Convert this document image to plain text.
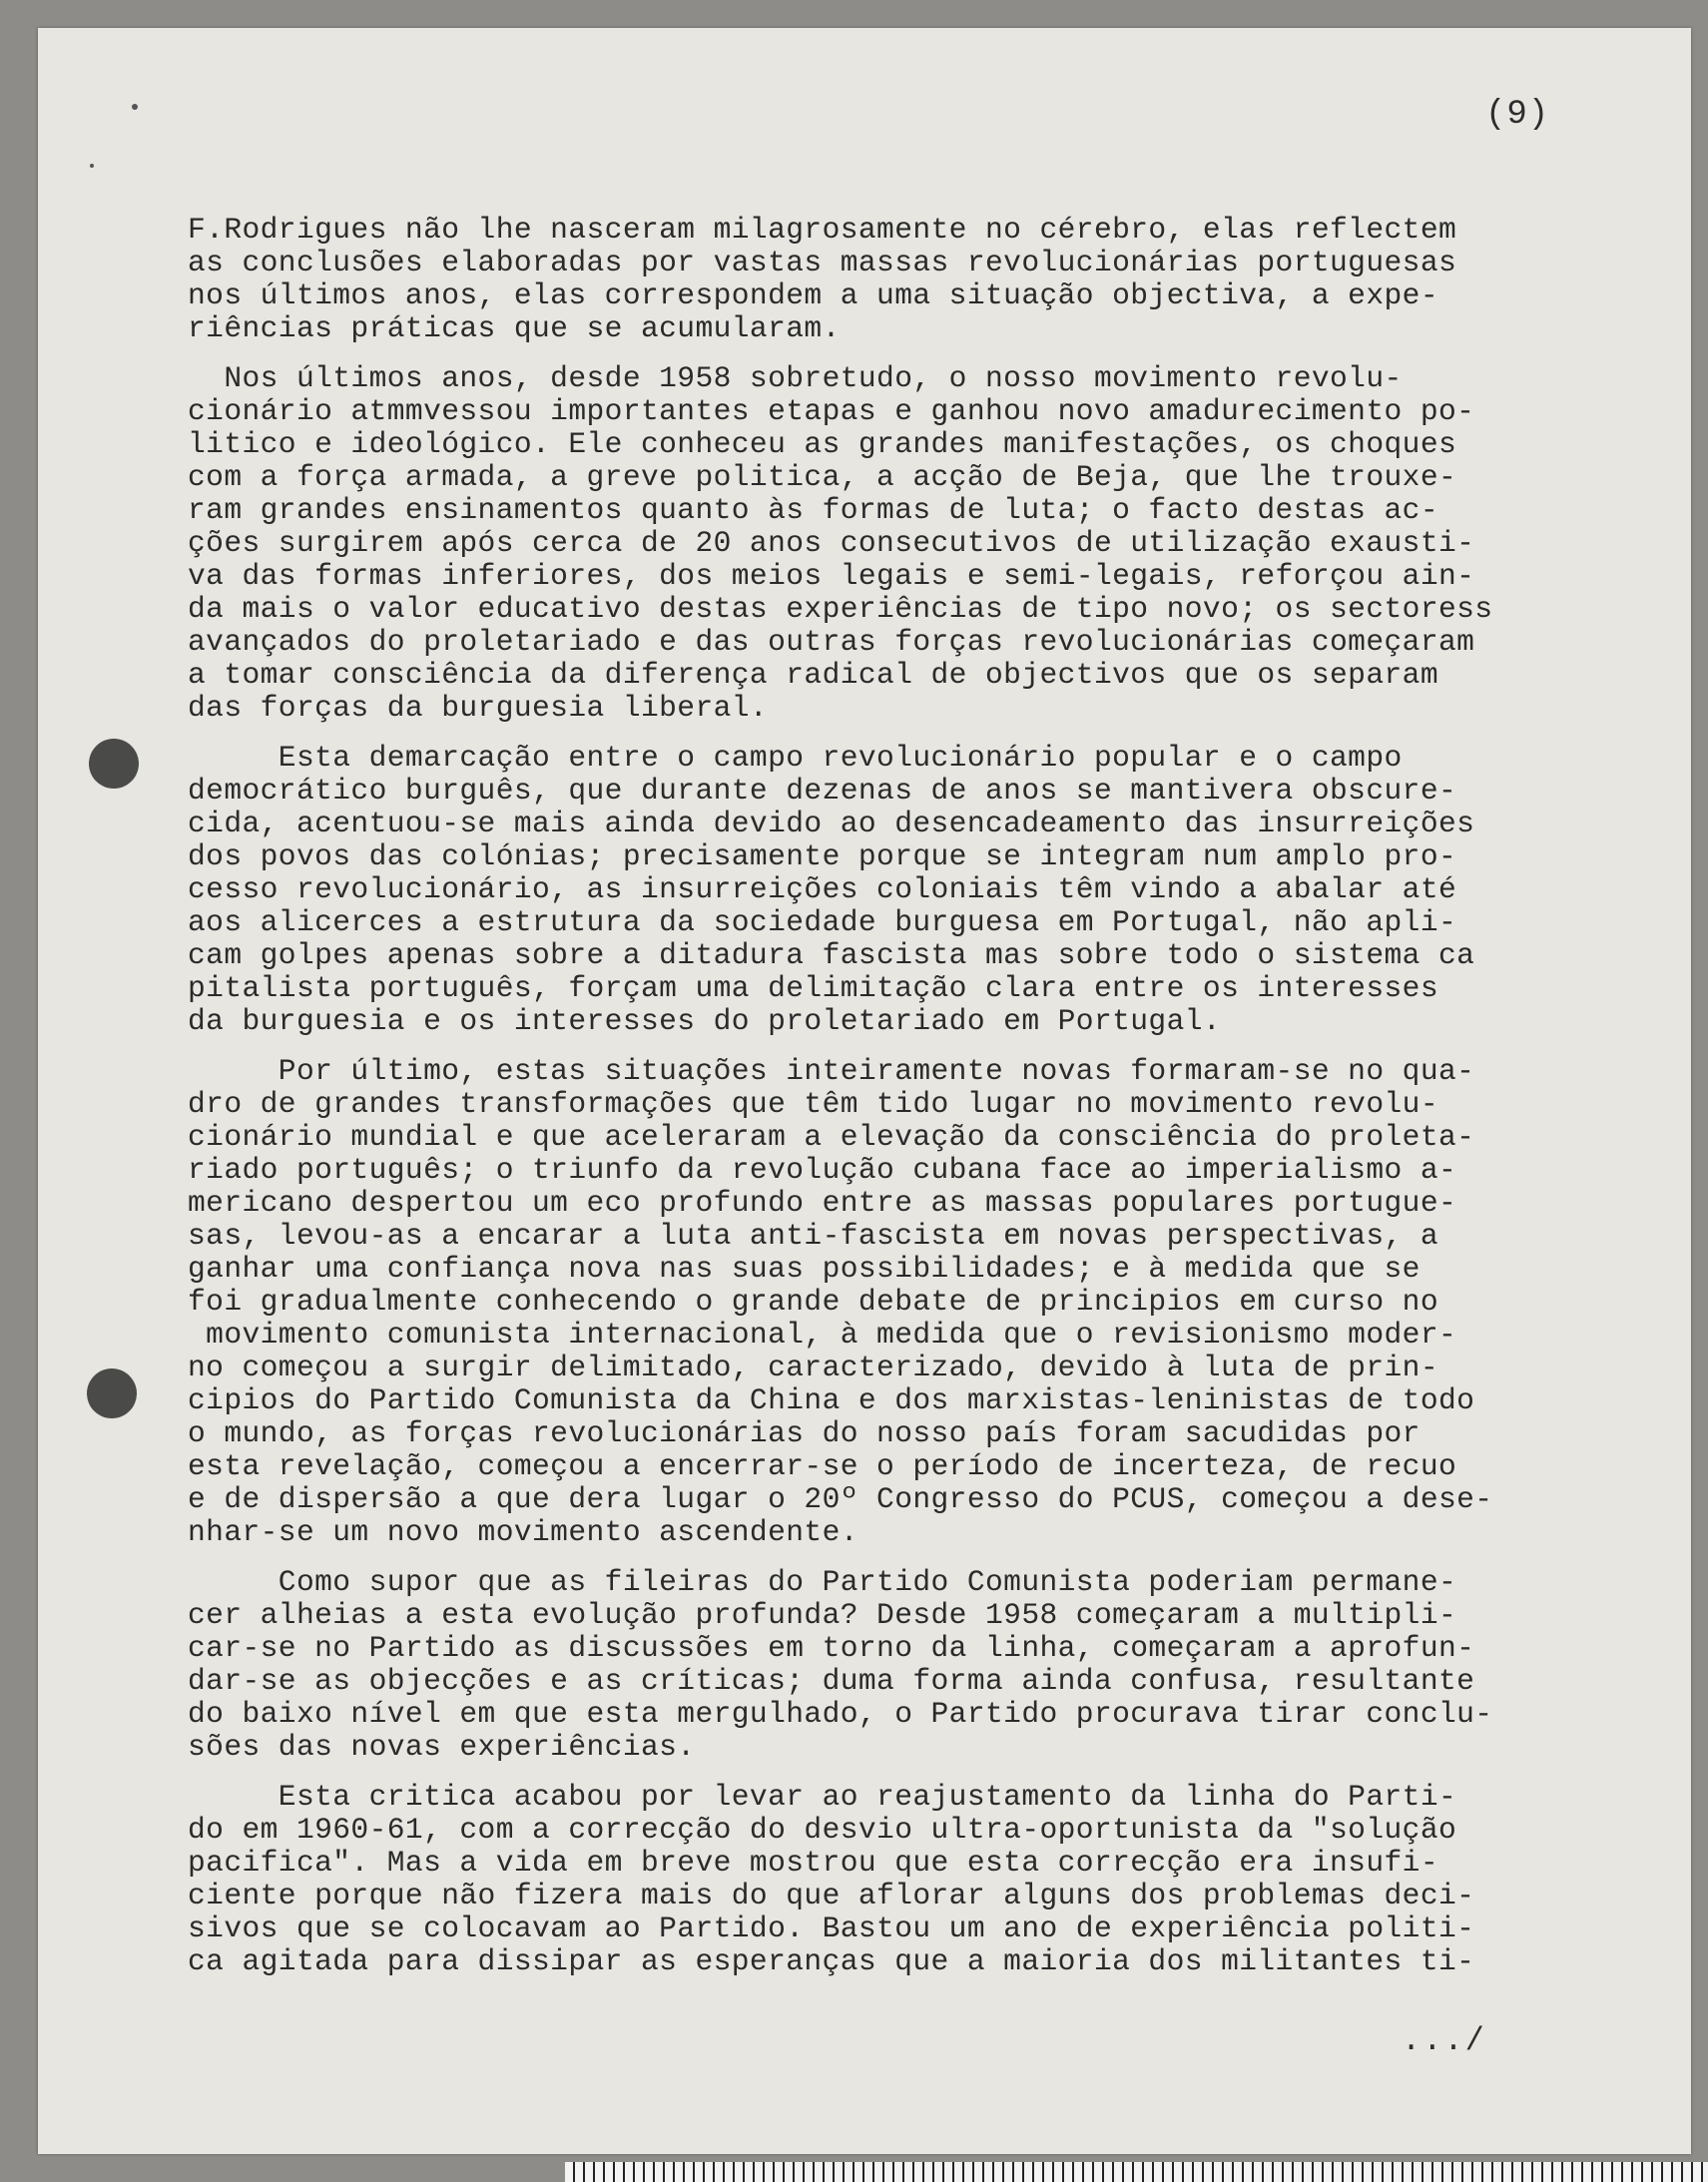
(9)
F.Rodrigues não lhe nasceram milagrosamente no cérebro, elas reflectem
as conclusões elaboradas por vastas massas revolucionárias portuguesas
nos últimos anos, elas correspondem a uma situação objectiva, a expe-
riências práticas que se acumularam.
Nos últimos anos, desde 1958 sobretudo, o nosso movimento revolu-
cionário atmmvessou importantes etapas e ganhou novo amadurecimento po-
litico e ideológico. Ele conheceu as grandes manifestações, os choques
com a força armada, a greve politica, a acção de Beja, que lhe trouxe-
ram grandes ensinamentos quanto às formas de luta; o facto destas ac-
ções surgirem após cerca de 20 anos consecutivos de utilização exausti-
va das formas inferiores, dos meios legais e semi-legais, reforçou ain-
da mais o valor educativo destas experiências de tipo novo; os sectoress
avançados do proletariado e das outras forças revolucionárias começaram
a tomar consciência da diferença radical de objectivos que os separam
das forças da burguesia liberal.
Esta demarcação entre o campo revolucionário popular e o campo
democrático burguês, que durante dezenas de anos se mantivera obscure-
cida, acentuou-se mais ainda devido ao desencadeamento das insurreições
dos povos das colónias; precisamente porque se integram num amplo pro-
cesso revolucionário, as insurreições coloniais têm vindo a abalar até
aos alicerces a estrutura da sociedade burguesa em Portugal, não apli-
cam golpes apenas sobre a ditadura fascista mas sobre todo o sistema ca
pitalista português, forçam uma delimitação clara entre os interesses
da burguesia e os interesses do proletariado em Portugal.
Por último, estas situações inteiramente novas formaram-se no qua-
dro de grandes transformações que têm tido lugar no movimento revolu-
cionário mundial e que aceleraram a elevação da consciência do proleta-
riado português; o triunfo da revolução cubana face ao imperialismo a-
mericano despertou um eco profundo entre as massas populares portugue-
sas, levou-as a encarar a luta anti-fascista em novas perspectivas, a
ganhar uma confiança nova nas suas possibilidades; e à medida que se
foi gradualmente conhecendo o grande debate de principios em curso no
movimento comunista internacional, à medida que o revisionismo moder-
no começou a surgir delimitado, caracterizado, devido à luta de prin-
cipios do Partido Comunista da China e dos marxistas-leninistas de todo
o mundo, as forças revolucionárias do nosso país foram sacudidas por
esta revelação, começou a encerrar-se o período de incerteza, de recuo
e de dispersão a que dera lugar o 20º Congresso do PCUS, começou a dese-
nhar-se um novo movimento ascendente.
Como supor que as fileiras do Partido Comunista poderiam permane-
cer alheias a esta evolução profunda? Desde 1958 começaram a multipli-
car-se no Partido as discussões em torno da linha, começaram a aprofun-
dar-se as objecções e as críticas; duma forma ainda confusa, resultante
do baixo nível em que esta mergulhado, o Partido procurava tirar conclu-
sões das novas experiências.
Esta critica acabou por levar ao reajustamento da linha do Parti-
do em 1960-61, com a correcção do desvio ultra-oportunista da "solução
pacifica". Mas a vida em breve mostrou que esta correcção era insufi-
ciente porque não fizera mais do que aflorar alguns dos problemas deci-
sivos que se colocavam ao Partido. Bastou um ano de experiência politi-
ca agitada para dissipar as esperanças que a maioria dos militantes ti-
.../
